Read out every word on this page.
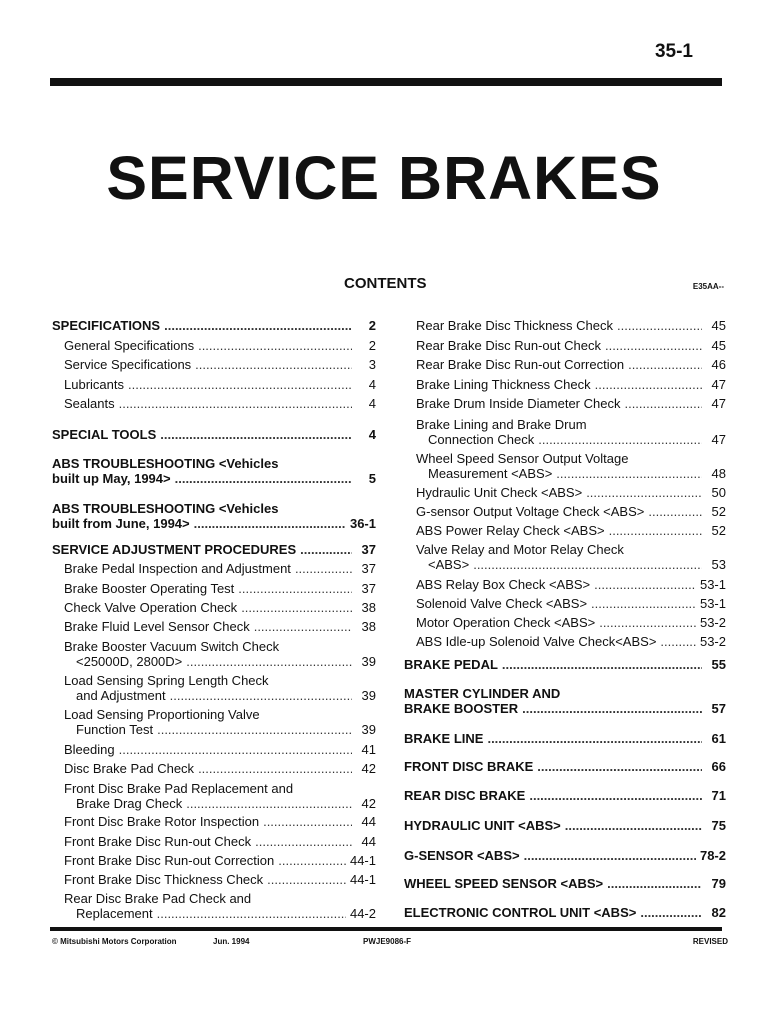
35-1
SERVICE BRAKES
CONTENTS	E35AA--
SPECIFICATIONS .....	2
General Specifications .....	2
Service Specifications .....	3
Lubricants .....	4
Sealants .....	4
SPECIAL TOOLS .....	4
ABS TROUBLESHOOTING <Vehicles
built up May, 1994> .....	5
ABS TROUBLESHOOTING <Vehicles
built from June, 1994> .....	36-1
SERVICE ADJUSTMENT PROCEDURES .....	37
Brake Pedal Inspection and Adjustment .....	37
Brake Booster Operating Test .....	37
Check Valve Operation Check .....	38
Brake Fluid Level Sensor Check .....	38
Brake Booster Vacuum Switch Check
<25000D, 2800D> .....	39
Load Sensing Spring Length Check
and Adjustment .....	39
Load Sensing Proportioning Valve
Function Test .....	39
Bleeding .....	41
Disc Brake Pad Check .....	42
Front Disc Brake Pad Replacement and
Brake Drag Check .....	42
Front Disc Brake Rotor Inspection .....	44
Front Brake Disc Run-out Check .....	44
Front Brake Disc Run-out Correction .....	44-1
Front Brake Disc Thickness Check .....	44-1
Rear Disc Brake Pad Check and
Replacement .....	44-2
Rear Brake Disc Thickness Check .....	45
Rear Brake Disc Run-out Check .....	45
Rear Brake Disc Run-out Correction .....	46
Brake Lining Thickness Check .....	47
Brake Drum Inside Diameter Check .....	47
Brake Lining and Brake Drum
Connection Check .....	47
Wheel Speed Sensor Output Voltage
Measurement <ABS> .....	48
Hydraulic Unit Check <ABS> .....	50
G-sensor Output Voltage Check <ABS> .....	52
ABS Power Relay Check <ABS> .....	52
Valve Relay and Motor Relay Check
<ABS> .....	53
ABS Relay Box Check <ABS> .....	53-1
Solenoid Valve Check <ABS> .....	53-1
Motor Operation Check <ABS> .....	53-2
ABS Idle-up Solenoid Valve Check<ABS> .....	53-2
BRAKE PEDAL .....	55
MASTER CYLINDER AND
BRAKE BOOSTER .....	57
BRAKE LINE .....	61
FRONT DISC BRAKE .....	66
REAR DISC BRAKE .....	71
HYDRAULIC UNIT <ABS> .....	75
G-SENSOR <ABS> .....	78-2
WHEEL SPEED SENSOR <ABS> .....	79
ELECTRONIC CONTROL UNIT <ABS> .....	82
© Mitsubishi Motors Corporation	Jun. 1994	PWJE9086-F	REVISED
